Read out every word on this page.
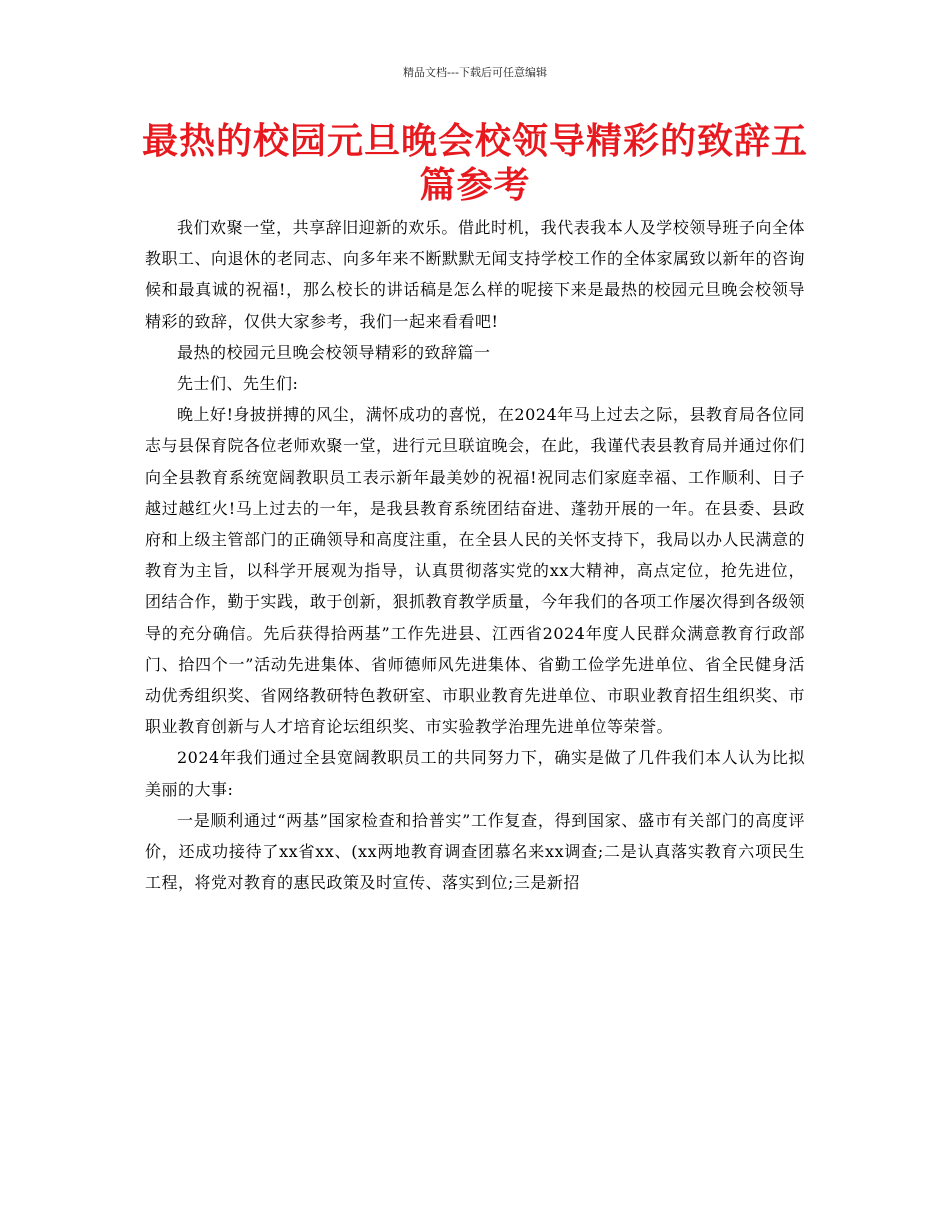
精品文档---下载后可任意编辑
最热的校园元旦晚会校领导精彩的致辞五篇参考

我们欢聚一堂，共享辞旧迎新的欢乐。借此时机，我代表我本人及学校领导班子向全体教职工、向退休的老同志、向多年来不断默默无闻支持学校工作的全体家属致以新年的咨询候和最真诚的祝福!，那么校长的讲话稿是怎么样的呢接下来是最热的校园元旦晚会校领导精彩的致辞，仅供大家参考，我们一起来看看吧!

最热的校园元旦晚会校领导精彩的致辞篇一

先士们、先生们:

晚上好!身披拼搏的风尘，满怀成功的喜悦，在2024年马上过去之际，县教育局各位同志与县保育院各位老师欢聚一堂，进行元旦联谊晚会，在此，我谨代表县教育局并通过你们向全县教育系统宽阔教职员工表示新年最美妙的祝福!祝同志们家庭幸福、工作顺利、日子越过越红火!马上过去的一年，是我县教育系统团结奋进、蓬勃开展的一年。在县委、县政府和上级主管部门的正确领导和高度注重，在全县人民的关怀支持下，我局以办人民满意的教育为主旨，以科学开展观为指导，认真贯彻落实党的xx大精神，高点定位，抢先进位，团结合作，勤于实践，敢于创新，狠抓教育教学质量，今年我们的各项工作屡次得到各级领导的充分确信。先后获得拾两基”工作先进县、江西省2024年度人民群众满意教育行政部门、拾四个一”活动先进集体、省师德师风先进集体、省勤工俭学先进单位、省全民健身活动优秀组织奖、省网络教研特色教研室、市职业教育先进单位、市职业教育招生组织奖、市职业教育创新与人才培育论坛组织奖、市实验教学治理先进单位等荣誉。

2024年我们通过全县宽阔教职员工的共同努力下，确实是做了几件我们本人认为比拟美丽的大事:

一是顺利通过“两基”国家检查和拾普实”工作复查，得到国家、盛市有关部门的高度评价，还成功接待了xx省xx、(xx两地教育调查团慕名来xx调查;二是认真落实教育六项民生工程，将党对教育的惠民政策及时宣传、落实到位;三是新招
